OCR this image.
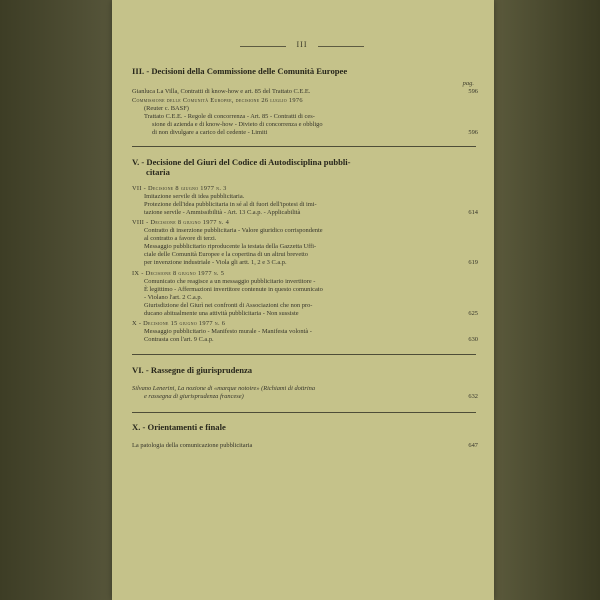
III
III. - Decisioni della Commissione delle Comunità Europee
pag.
Gianluca La Villa, Contratti di know-how e art. 85 del Trattato C.E.E.	596
Commissione delle Comunità Europee, decisione 26 luglio 1976
(Reuter c. BASF)
Trattato C.E.E. - Regole di concorrenza - Art. 85 - Contratti di ces-
sione di azienda e di know-how - Divieto di concorrenza e obbligo
di non divulgare a carico del cedente - Limiti	596
V. - Decisione del Giurì del Codice di Autodisciplina pubbli-
citaria
VII - Decisione 8 giugno 1977 n. 3
Imitazione servile di idea pubblicitaria.
Protezione dell'idea pubblicitaria in sé al di fuori dell'ipotesi di imi-
tazione servile - Ammissibilità - Art. 13 C.a.p. - Applicabilità	614
VIII - Decisione 8 giugno 1977 n. 4
Contratto di inserzione pubblicitaria - Valore giuridico corrispondente
al contratto a favore di terzi.
Messaggio pubblicitario riproducente la testata della Gazzetta Uffi-
ciale delle Comunità Europee e la copertina di un altrui brevetto
per invenzione industriale - Viola gli artt. 1, 2 e 3 C.a.p.	619
IX - Decisione 8 giugno 1977 n. 5
Comunicato che reagisce a un messaggio pubblicitario invertitore -
È legittimo - Affermazioni invertitore contenute in questo comunicato
- Violano l'art. 2 C.a.p.
Giurisdizione del Giurì nei confronti di Associazioni che non pro-
ducano abitualmente una attività pubblicitaria - Non sussiste	625
X - Decisione 15 giugno 1977 n. 6
Messaggio pubblicitario - Manifesto murale - Manifesta volontà -
Contrasta con l'art. 9 C.a.p.	630
VI. - Rassegne di giurisprudenza
Silvano Lenerini, La nozione di «marque notoire» (Richiami di dottrina
e rassegna di giurisprudenza francese)	632
X. - Orientamenti e finale
La patologia della comunicazione pubblicitaria	647
